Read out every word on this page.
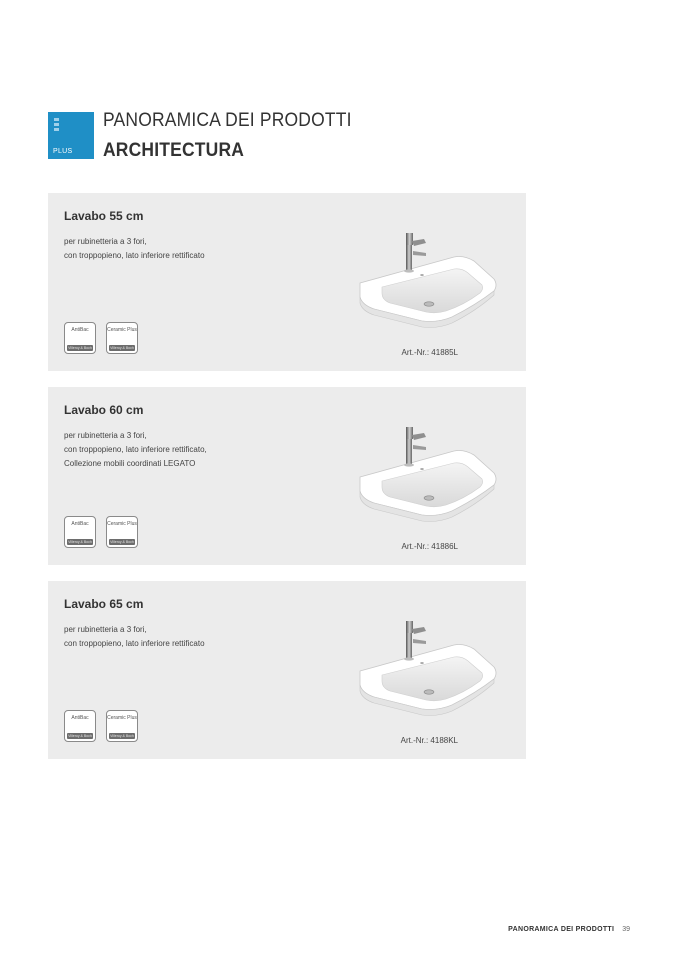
PLUS
PANORAMICA DEI PRODOTTI
ARCHITECTURA
Lavabo 55 cm
per rubinetteria a 3 fori,
con troppopieno, lato inferiore rettificato
AntiBac
Villeroy & Boch
Ceramic Plus
Villeroy & Boch	Art.-Nr.: 41885L
Lavabo 60 cm
per rubinetteria a 3 fori,
con troppopieno, lato inferiore rettificato,
Collezione mobili coordinati LEGATO
AntiBac
Villeroy & Boch
Ceramic Plus
Villeroy & Boch	Art.-Nr.: 41886L
Lavabo 65 cm
per rubinetteria a 3 fori,
con troppopieno, lato inferiore rettificato
AntiBac
Villeroy & Boch
Ceramic Plus
Villeroy & Boch	Art.-Nr.: 4188KL
PANORAMICA DEI PRODOTTI 39
